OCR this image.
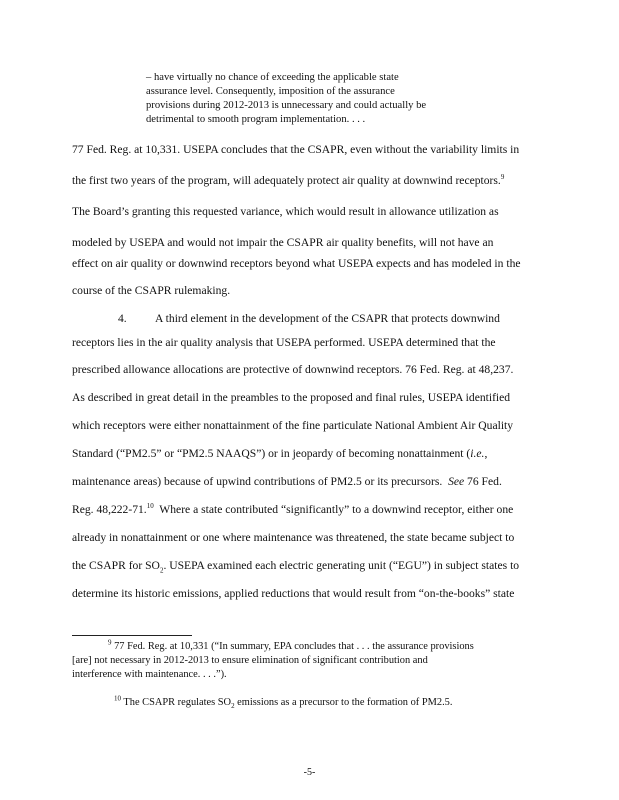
– have virtually no chance of exceeding the applicable state
assurance level. Consequently, imposition of the assurance
provisions during 2012-2013 is unnecessary and could actually be
detrimental to smooth program implementation. . . .
77 Fed. Reg. at 10,331. USEPA concludes that the CSAPR, even without the variability limits in
the first two years of the program, will adequately protect air quality at downwind receptors.$^9$
The Board’s granting this requested variance, which would result in allowance utilization as
modeled by USEPA and would not impair the CSAPR air quality benefits, will not have an
effect on air quality or downwind receptors beyond what USEPA expects and has modeled in the
course of the CSAPR rulemaking.
4.          A third element in the development of the CSAPR that protects downwind
receptors lies in the air quality analysis that USEPA performed. USEPA determined that the
prescribed allowance allocations are protective of downwind receptors. 76 Fed. Reg. at 48,237.
As described in great detail in the preambles to the proposed and final rules, USEPA identified
which receptors were either nonattainment of the fine particulate National Ambient Air Quality
Standard (“PM2.5” or “PM2.5 NAAQS”) or in jeopardy of becoming nonattainment (i.e.,
maintenance areas) because of upwind contributions of PM2.5 or its precursors.  See 76 Fed.
Reg. 48,222-71.10  Where a state contributed “significantly” to a downwind receptor, either one
already in nonattainment or one where maintenance was threatened, the state became subject to
the CSAPR for $SO_2$. USEPA examined each electric generating unit (“EGU”) in subject states to
determine its historic emissions, applied reductions that would result from “on-the-books” state
$^9$ 77 Fed. Reg. at 10,331 (“In summary, EPA concludes that . . . the assurance provisions
[are] not necessary in 2012-2013 to ensure elimination of significant contribution and
interference with maintenance. . . .”).
$^{10}$ The CSAPR regulates $SO_2$ emissions as a precursor to the formation of PM2.5.
-5-
